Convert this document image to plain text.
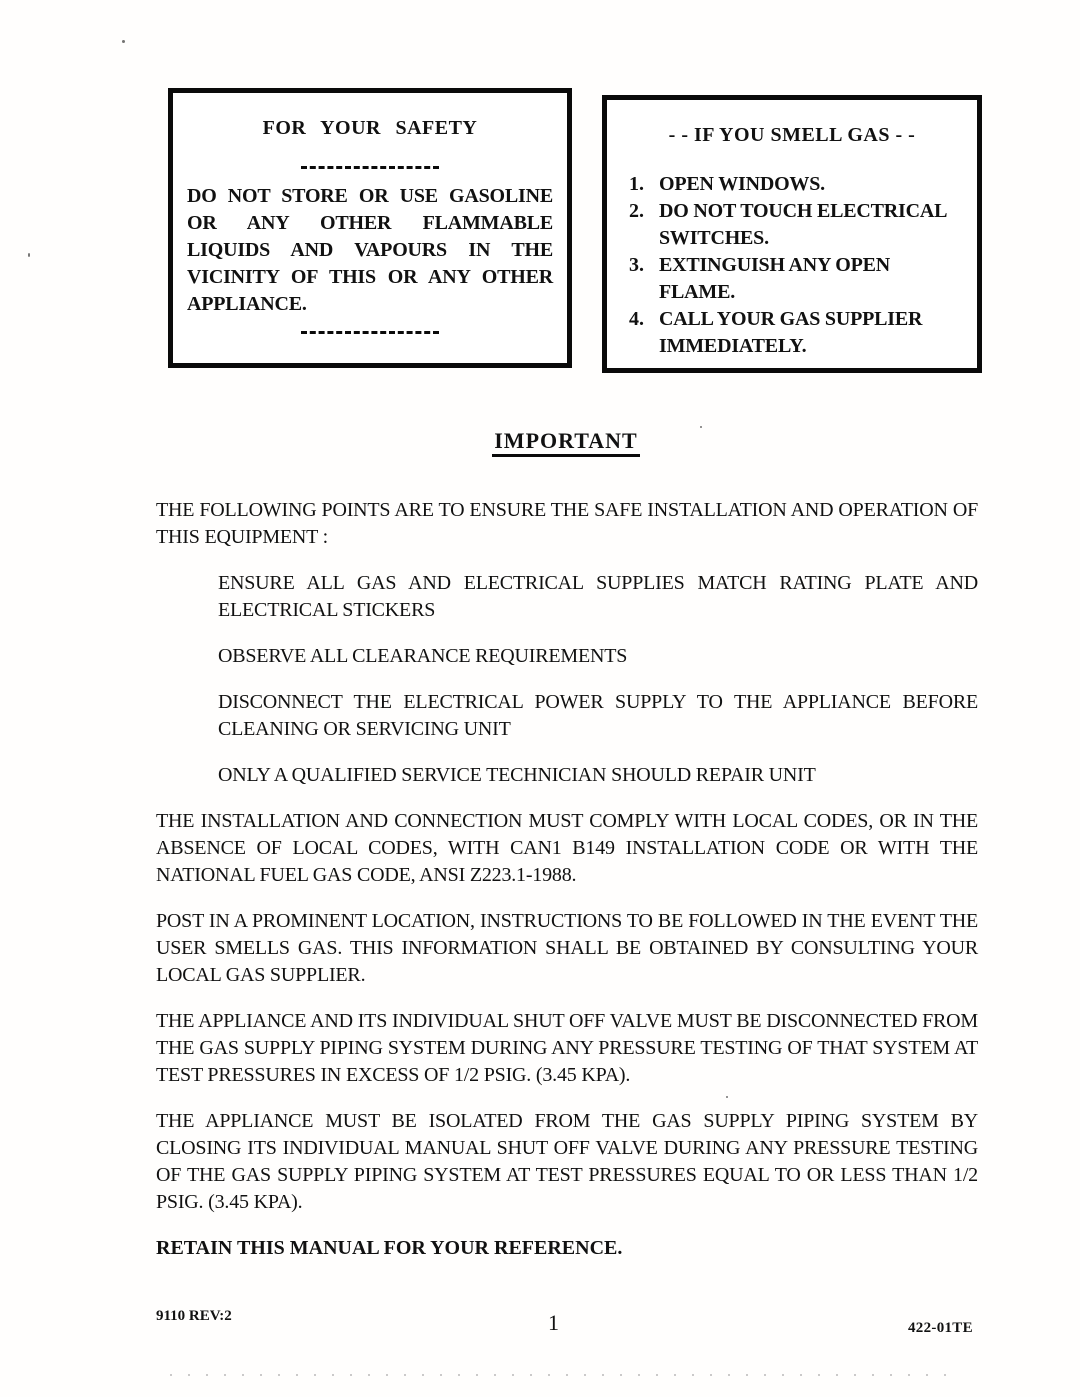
FOR YOUR SAFETY
DO NOT STORE OR USE GASOLINE OR ANY OTHER FLAMMABLE LIQUIDS AND VAPOURS IN THE VICINITY OF THIS OR ANY OTHER APPLIANCE.
- - IF YOU SMELL GAS - -
1. OPEN WINDOWS.
2. DO NOT TOUCH ELECTRICAL SWITCHES.
3. EXTINGUISH ANY OPEN FLAME.
4. CALL YOUR GAS SUPPLIER IMMEDIATELY.
IMPORTANT

THE FOLLOWING POINTS ARE TO ENSURE THE SAFE INSTALLATION AND OPERATION OF THIS EQUIPMENT :

ENSURE ALL GAS AND ELECTRICAL SUPPLIES MATCH RATING PLATE AND ELECTRICAL STICKERS

OBSERVE ALL CLEARANCE REQUIREMENTS

DISCONNECT THE ELECTRICAL POWER SUPPLY TO THE APPLIANCE BEFORE CLEANING OR SERVICING UNIT

ONLY A QUALIFIED SERVICE TECHNICIAN SHOULD REPAIR UNIT

THE INSTALLATION AND CONNECTION MUST COMPLY WITH LOCAL CODES, OR IN THE ABSENCE OF LOCAL CODES, WITH CAN1 B149 INSTALLATION CODE OR WITH THE NATIONAL FUEL GAS CODE, ANSI Z223.1-1988.

POST IN A PROMINENT LOCATION, INSTRUCTIONS TO BE FOLLOWED IN THE EVENT THE USER SMELLS GAS. THIS INFORMATION SHALL BE OBTAINED BY CONSULTING YOUR LOCAL GAS SUPPLIER.

THE APPLIANCE AND ITS INDIVIDUAL SHUT OFF VALVE MUST BE DISCONNECTED FROM THE GAS SUPPLY PIPING SYSTEM DURING ANY PRESSURE TESTING OF THAT SYSTEM AT TEST PRESSURES IN EXCESS OF 1/2 PSIG. (3.45 KPA).

THE APPLIANCE MUST BE ISOLATED FROM THE GAS SUPPLY PIPING SYSTEM BY CLOSING ITS INDIVIDUAL MANUAL SHUT OFF VALVE DURING ANY PRESSURE TESTING OF THE GAS SUPPLY PIPING SYSTEM AT TEST PRESSURES EQUAL TO OR LESS THAN 1/2 PSIG. (3.45 KPA).

RETAIN THIS MANUAL FOR YOUR REFERENCE.

9110 REV:2	1	422-01TE
